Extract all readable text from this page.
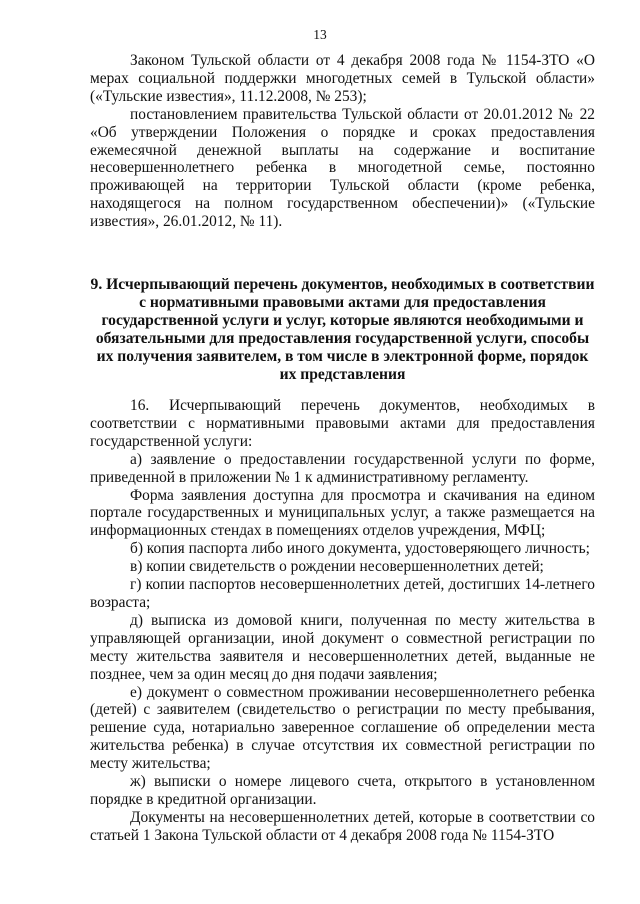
13

Законом Тульской области от 4 декабря 2008 года № 1154-ЗТО «О мерах социальной поддержки многодетных семей в Тульской области» («Тульские известия», 11.12.2008, № 253);

постановлением правительства Тульской области от 20.01.2012 № 22 «Об утверждении Положения о порядке и сроках предоставления ежемесячной денежной выплаты на содержание и воспитание несовершеннолетнего ребенка в многодетной семье, постоянно проживающей на территории Тульской области (кроме ребенка, находящегося на полном государственном обеспечении)» («Тульские известия», 26.01.2012, № 11).

9. Исчерпывающий перечень документов, необходимых в соответствии с нормативными правовыми актами для предоставления государственной услуги и услуг, которые являются необходимыми и обязательными для предоставления государственной услуги, способы их получения заявителем, в том числе в электронной форме, порядок их представления

16. Исчерпывающий перечень документов, необходимых в соответствии с нормативными правовыми актами для предоставления государственной услуги:

а) заявление о предоставлении государственной услуги по форме, приведенной в приложении № 1 к административному регламенту.

Форма заявления доступна для просмотра и скачивания на едином портале государственных и муниципальных услуг, а также размещается на информационных стендах в помещениях отделов учреждения, МФЦ;

б) копия паспорта либо иного документа, удостоверяющего личность;

в) копии свидетельств о рождении несовершеннолетних детей;

г) копии паспортов несовершеннолетних детей, достигших 14-летнего возраста;

д) выписка из домовой книги, полученная по месту жительства в управляющей организации, иной документ о совместной регистрации по месту жительства заявителя и несовершеннолетних детей, выданные не позднее, чем за один месяц до дня подачи заявления;

е) документ о совместном проживании несовершеннолетнего ребенка (детей) с заявителем (свидетельство о регистрации по месту пребывания, решение суда, нотариально заверенное соглашение об определении места жительства ребенка) в случае отсутствия их совместной регистрации по месту жительства;

ж) выписки о номере лицевого счета, открытого в установленном порядке в кредитной организации.

Документы на несовершеннолетних детей, которые в соответствии со статьей 1 Закона Тульской области от 4 декабря 2008 года № 1154-ЗТО
